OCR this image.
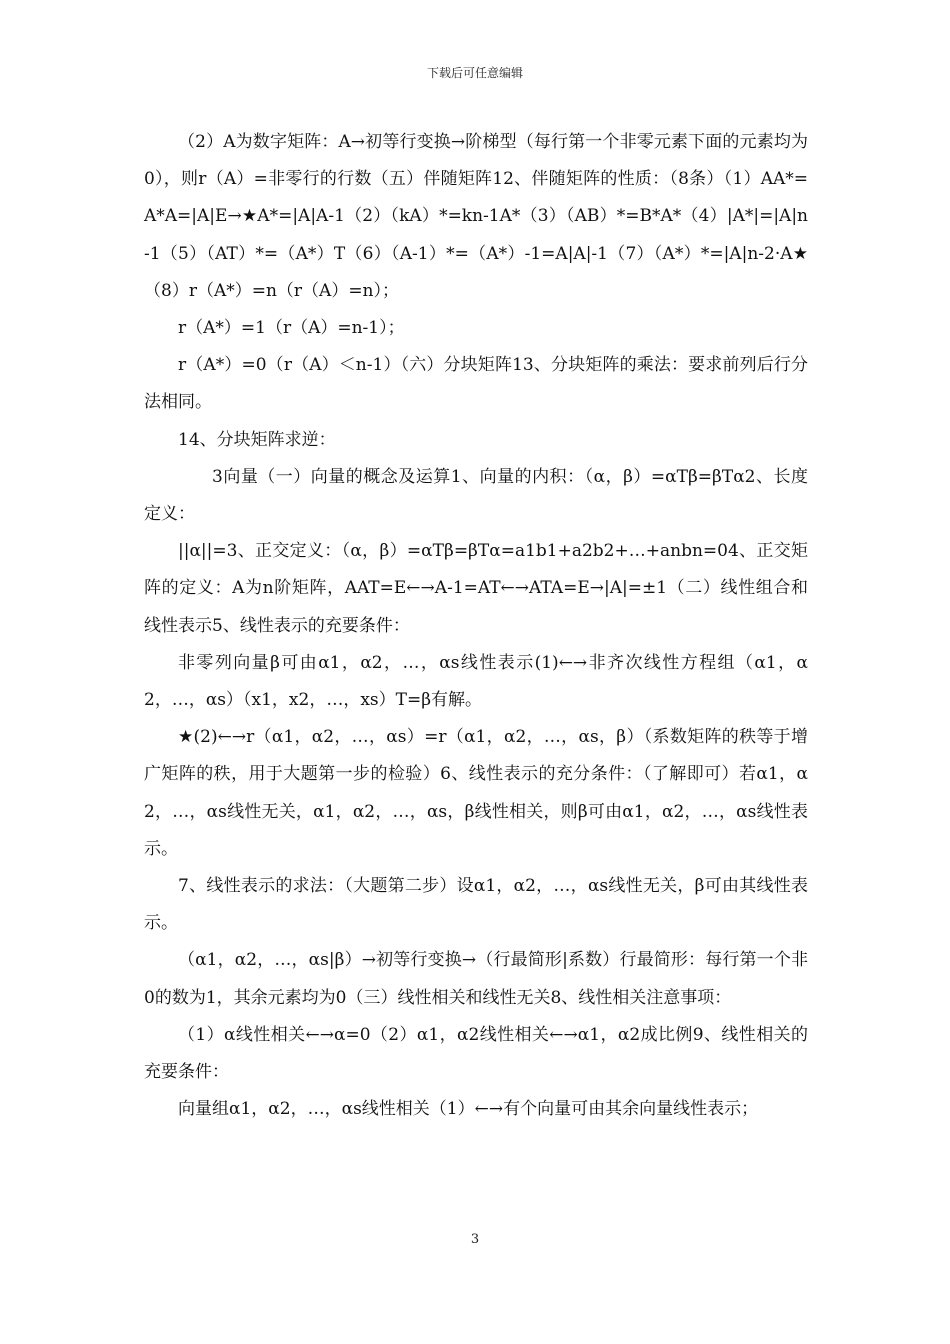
下载后可任意编辑

（2）A为数字矩阵：A→初等行变换→阶梯型（每行第一个非零元素下面的元素均为0），则r（A）=非零行的行数（五）伴随矩阵12、伴随矩阵的性质：（8条）（1）AA*=A*A=|A|E→★A*=|A|A-1（2）（kA）*=kn-1A*（3）（AB）*=B*A*（4）|A*|=|A|n-1（5）（AT）*=（A*）T（6）（A-1）*=（A*）-1=A|A|-1（7）（A*）*=|A|n-2·A★（8）r（A*）=n（r（A）=n）；

r（A*）=1（r（A）=n-1）；

r（A*）=0（r（A）＜n-1）（六）分块矩阵13、分块矩阵的乘法：要求前列后行分法相同。

14、分块矩阵求逆：

3向量（一）向量的概念及运算1、向量的内积：（α，β）=αTβ=βTα2、长度定义：

||α||=3、正交定义：（α，β）=αTβ=βTα=a1b1+a2b2+…+anbn=04、正交矩阵的定义：A为n阶矩阵，AAT=E←→A-1=AT←→ATA=E→|A|=±1（二）线性组合和线性表示5、线性表示的充要条件：

非零列向量β可由α1，α2，…，αs线性表示(1)←→非齐次线性方程组（α1，α2，…，αs）（x1，x2，…，xs）T=β有解。

★(2)←→r（α1，α2，…，αs）=r（α1，α2，…，αs，β）（系数矩阵的秩等于增广矩阵的秩，用于大题第一步的检验）6、线性表示的充分条件：（了解即可）若α1，α2，…，αs线性无关，α1，α2，…，αs，β线性相关，则β可由α1，α2，…，αs线性表示。

7、线性表示的求法：（大题第二步）设α1，α2，…，αs线性无关，β可由其线性表示。

（α1，α2，…，αs|β）→初等行变换→（行最简形|系数）行最简形：每行第一个非0的数为1，其余元素均为0（三）线性相关和线性无关8、线性相关注意事项：

（1）α线性相关←→α=0（2）α1，α2线性相关←→α1，α2成比例9、线性相关的充要条件：

向量组α1，α2，…，αs线性相关（1）←→有个向量可由其余向量线性表示；

3
